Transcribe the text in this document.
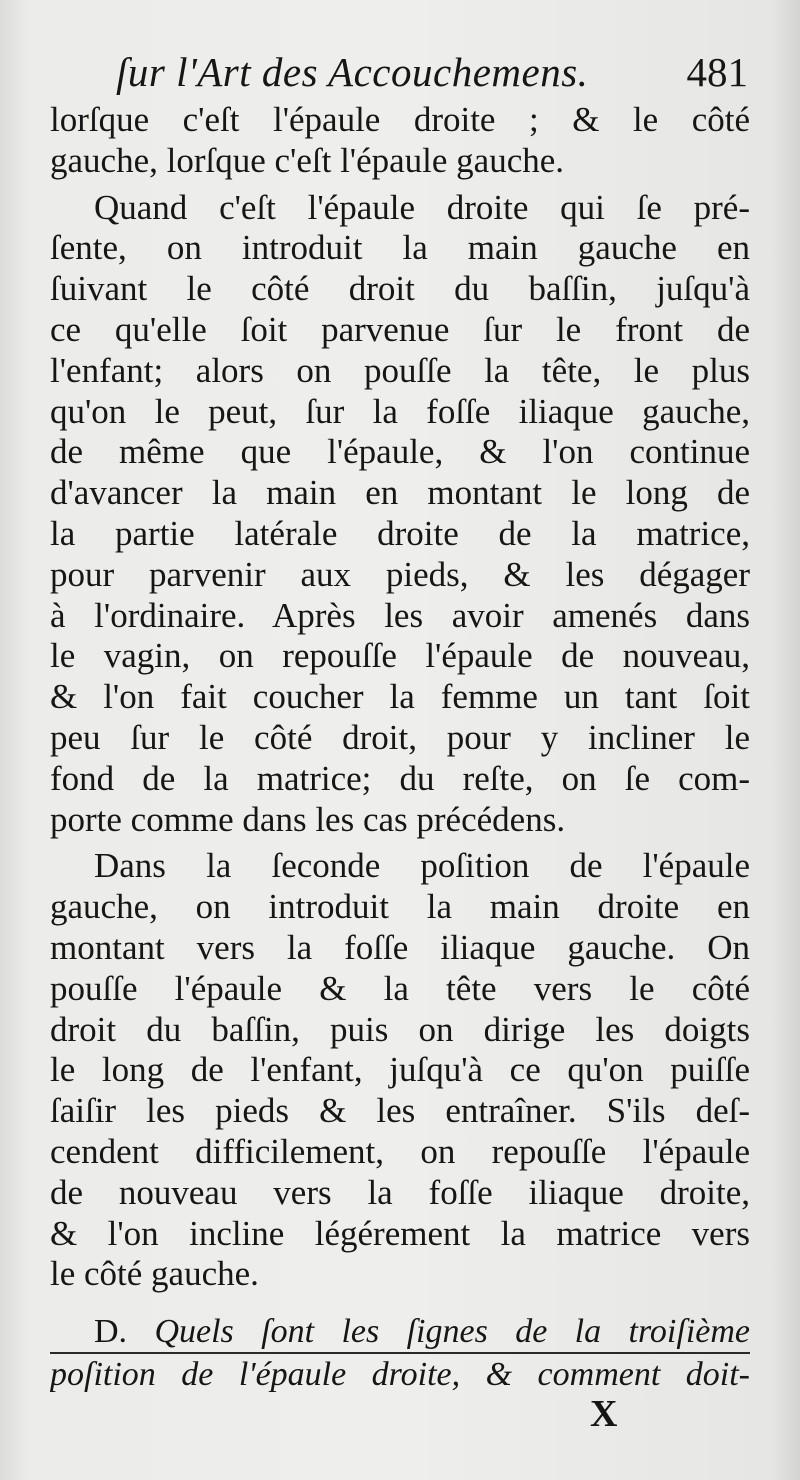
ſur l'Art des Accouchemens. 481
lorſque c'eſt l'épaule droite ; & le côté
gauche, lorſque c'eſt l'épaule gauche.
Quand c'eſt l'épaule droite qui ſe pré-
ſente, on introduit la main gauche en
ſuivant le côté droit du baſſin, juſqu'à
ce qu'elle ſoit parvenue ſur le front de
l'enfant; alors on pouſſe la tête, le plus
qu'on le peut, ſur la foſſe iliaque gauche,
de même que l'épaule, & l'on continue
d'avancer la main en montant le long de
la partie latérale droite de la matrice,
pour parvenir aux pieds, & les dégager
à l'ordinaire. Après les avoir amenés dans
le vagin, on repouſſe l'épaule de nouveau,
& l'on fait coucher la femme un tant ſoit
peu ſur le côté droit, pour y incliner le
fond de la matrice; du reſte, on ſe com-
porte comme dans les cas précédens.
Dans la ſeconde poſition de l'épaule
gauche, on introduit la main droite en
montant vers la foſſe iliaque gauche. On
pouſſe l'épaule & la tête vers le côté
droit du baſſin, puis on dirige les doigts
le long de l'enfant, juſqu'à ce qu'on puiſſe
ſaiſir les pieds & les entraîner. S'ils deſ-
cendent difficilement, on repouſſe l'épaule
de nouveau vers la foſſe iliaque droite,
& l'on incline légérement la matrice vers
le côté gauche.
D. Quels ſont les ſignes de la troiſième
poſition de l'épaule droite, & comment doit-
X
